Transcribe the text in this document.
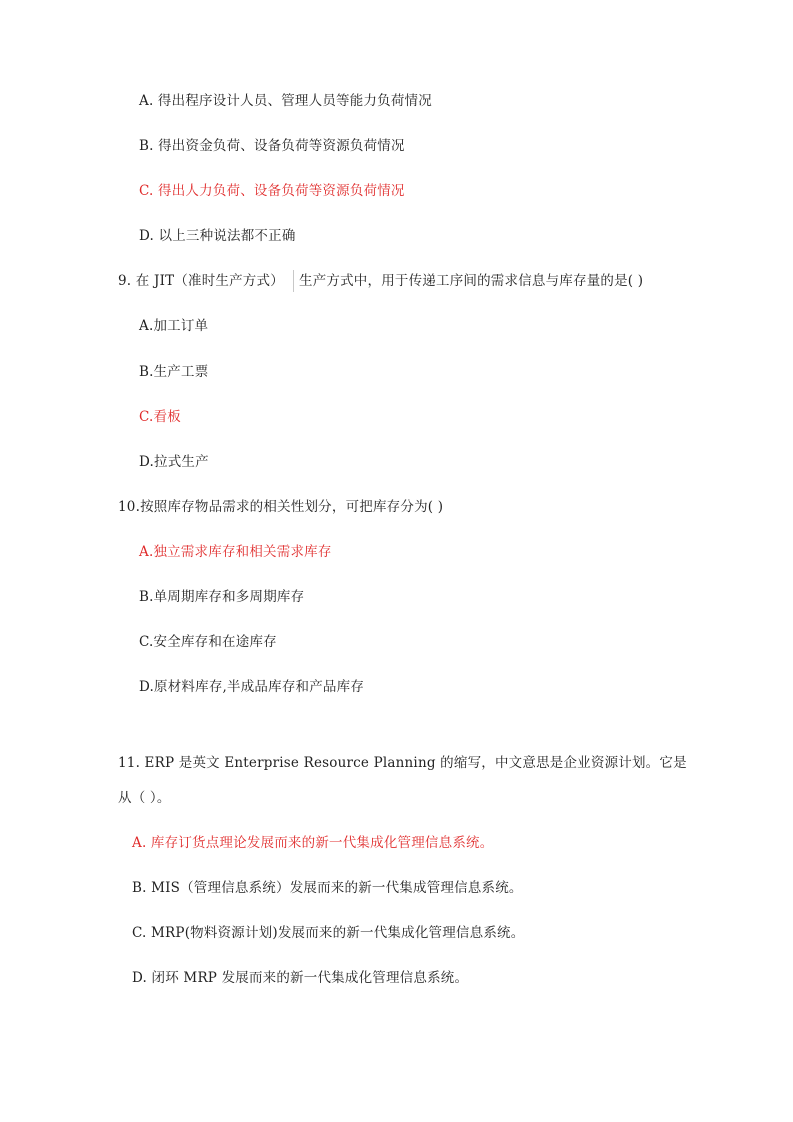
A. 得出程序设计人员、管理人员等能力负荷情况
B. 得出资金负荷、设备负荷等资源负荷情况
C. 得出人力负荷、设备负荷等资源负荷情况
D. 以上三种说法都不正确
9. 在 JIT（准时生产方式） 生产方式中，用于传递工序间的需求信息与库存量的是( )
A.加工订单
B.生产工票
C.看板
D.拉式生产
10.按照库存物品需求的相关性划分，可把库存分为( )
A.独立需求库存和相关需求库存
B.单周期库存和多周期库存
C.安全库存和在途库存
D.原材料库存,半成品库存和产品库存
11. ERP 是英文 Enterprise Resource Planning 的缩写，中文意思是企业资源计划。它是
从（ ）。
A. 库存订货点理论发展而来的新一代集成化管理信息系统。
B. MIS（管理信息系统）发展而来的新一代集成管理信息系统。
C. MRP(物料资源计划)发展而来的新一代集成化管理信息系统。
D. 闭环 MRP 发展而来的新一代集成化管理信息系统。
